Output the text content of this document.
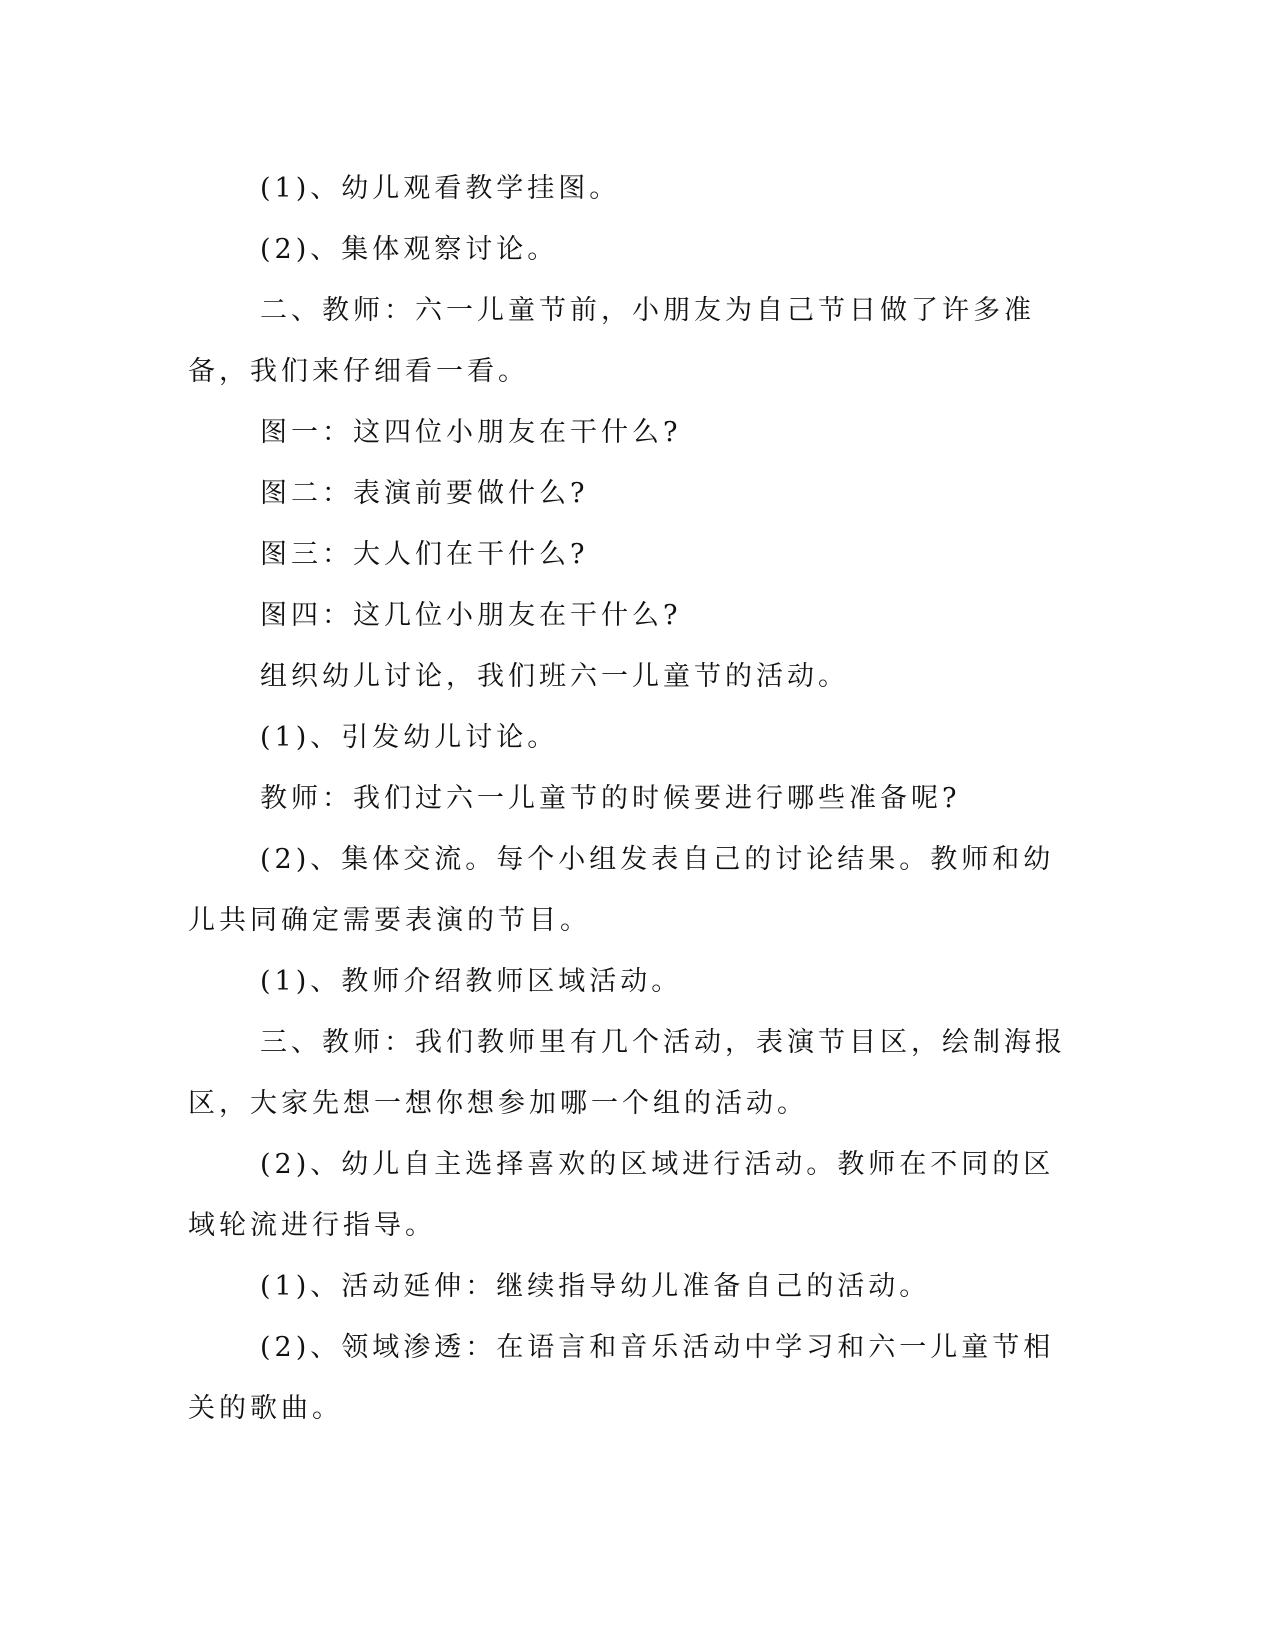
(1)、幼儿观看教学挂图。

(2)、集体观察讨论。

二、教师：六一儿童节前，小朋友为自己节日做了许多准备，我们来仔细看一看。

图一：这四位小朋友在干什么?

图二：表演前要做什么?

图三：大人们在干什么?

图四：这几位小朋友在干什么?

组织幼儿讨论，我们班六一儿童节的活动。

(1)、引发幼儿讨论。

教师：我们过六一儿童节的时候要进行哪些准备呢?

(2)、集体交流。每个小组发表自己的讨论结果。教师和幼儿共同确定需要表演的节目。

(1)、教师介绍教师区域活动。

三、教师：我们教师里有几个活动，表演节目区，绘制海报区，大家先想一想你想参加哪一个组的活动。

(2)、幼儿自主选择喜欢的区域进行活动。教师在不同的区域轮流进行指导。

(1)、活动延伸：继续指导幼儿准备自己的活动。

(2)、领域渗透：在语言和音乐活动中学习和六一儿童节相关的歌曲。
